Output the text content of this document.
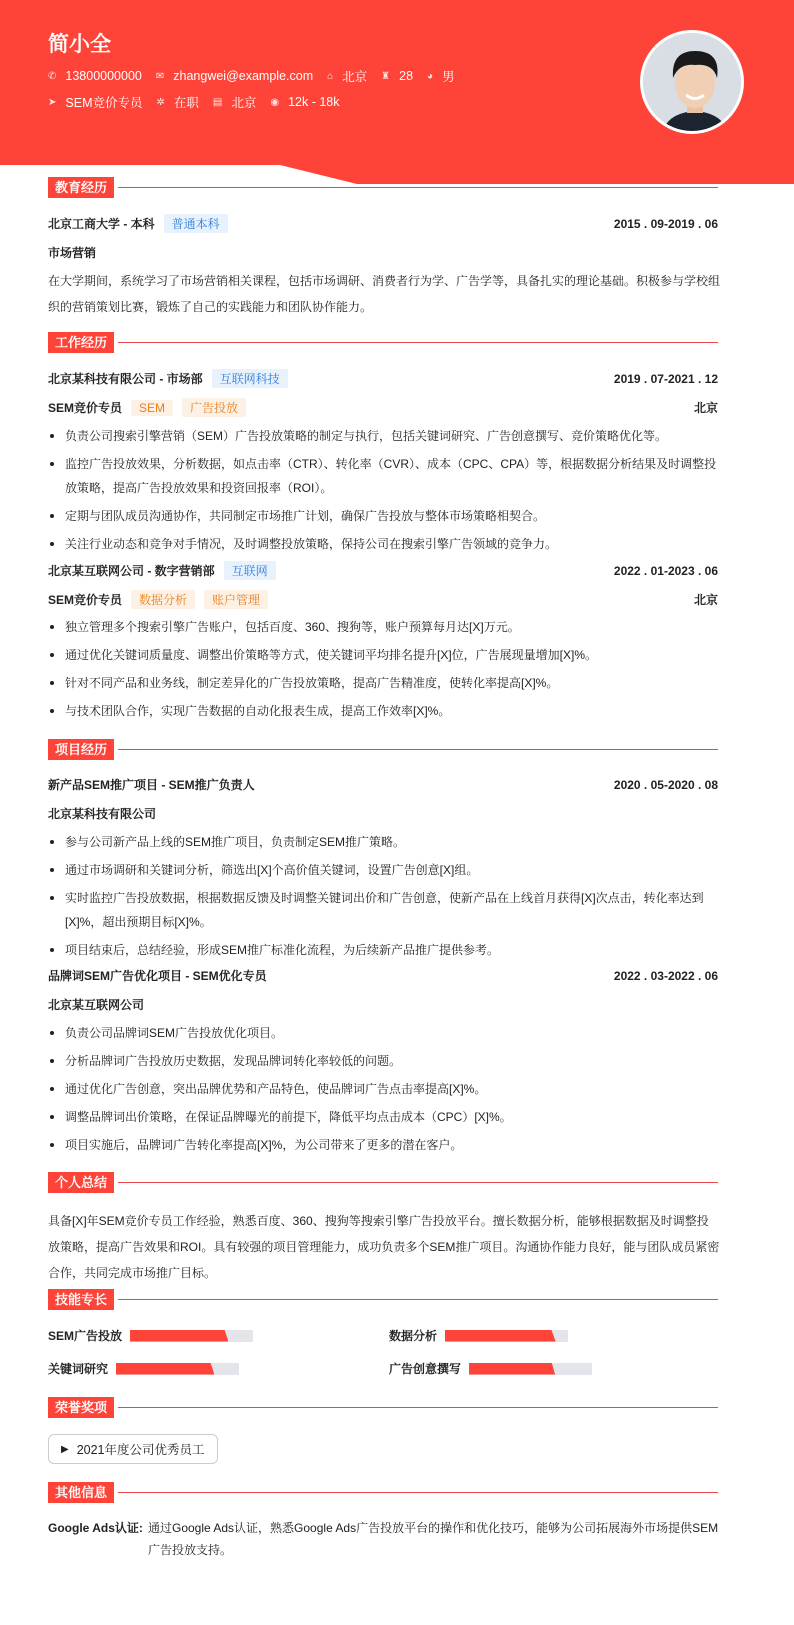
简小全
✆ 13800000000 ✉ zhangwei@example.com ⌂ 北京 ♜ 28 ◕ 男
➤ SEM竞价专员 ✲ 在职 ▤ 北京 ◉ 12k - 18k
教育经历
北京工商大学 - 本科	普通本科	2015 . 09-2019 . 06
市场营销
在大学期间，系统学习了市场营销相关课程，包括市场调研、消费者行为学、广告学等，具备扎实的理论基础。积极参与学校组织的营销策划比赛，锻炼了自己的实践能力和团队协作能力。
工作经历
北京某科技有限公司 - 市场部	互联网科技	2019 . 07-2021 . 12
SEM竞价专员	SEM	广告投放	北京
负责公司搜索引擎营销（SEM）广告投放策略的制定与执行，包括关键词研究、广告创意撰写、竞价策略优化等。
监控广告投放效果，分析数据，如点击率（CTR）、转化率（CVR）、成本（CPC、CPA）等，根据数据分析结果及时调整投放策略，提高广告投放效果和投资回报率（ROI）。
定期与团队成员沟通协作，共同制定市场推广计划，确保广告投放与整体市场策略相契合。
关注行业动态和竞争对手情况，及时调整投放策略，保持公司在搜索引擎广告领域的竞争力。
北京某互联网公司 - 数字营销部	互联网	2022 . 01-2023 . 06
SEM竞价专员	数据分析	账户管理	北京
独立管理多个搜索引擎广告账户，包括百度、360、搜狗等，账户预算每月达[X]万元。
通过优化关键词质量度、调整出价策略等方式，使关键词平均排名提升[X]位，广告展现量增加[X]%。
针对不同产品和业务线，制定差异化的广告投放策略，提高广告精准度，使转化率提高[X]%。
与技术团队合作，实现广告数据的自动化报表生成，提高工作效率[X]%。
项目经历
新产品SEM推广项目 - SEM推广负责人	2020 . 05-2020 . 08
北京某科技有限公司
参与公司新产品上线的SEM推广项目，负责制定SEM推广策略。
通过市场调研和关键词分析，筛选出[X]个高价值关键词，设置广告创意[X]组。
实时监控广告投放数据，根据数据反馈及时调整关键词出价和广告创意，使新产品在上线首月获得[X]次点击，转化率达到[X]%，超出预期目标[X]%。
项目结束后，总结经验，形成SEM推广标准化流程，为后续新产品推广提供参考。
品牌词SEM广告优化项目 - SEM优化专员	2022 . 03-2022 . 06
北京某互联网公司
负责公司品牌词SEM广告投放优化项目。
分析品牌词广告投放历史数据，发现品牌词转化率较低的问题。
通过优化广告创意，突出品牌优势和产品特色，使品牌词广告点击率提高[X]%。
调整品牌词出价策略，在保证品牌曝光的前提下，降低平均点击成本（CPC）[X]%。
项目实施后，品牌词广告转化率提高[X]%，为公司带来了更多的潜在客户。
个人总结
具备[X]年SEM竞价专员工作经验，熟悉百度、360、搜狗等搜索引擎广告投放平台。擅长数据分析，能够根据数据及时调整投放策略，提高广告效果和ROI。具有较强的项目管理能力，成功负责多个SEM推广项目。沟通协作能力良好，能与团队成员紧密合作，共同完成市场推广目标。
技能专长
SEM广告投放	数据分析
关键词研究	广告创意撰写
荣誉奖项
▶ 2021年度公司优秀员工
其他信息
Google Ads认证: 通过Google Ads认证，熟悉Google Ads广告投放平台的操作和优化技巧，能够为公司拓展海外市场提供SEM广告投放支持。
